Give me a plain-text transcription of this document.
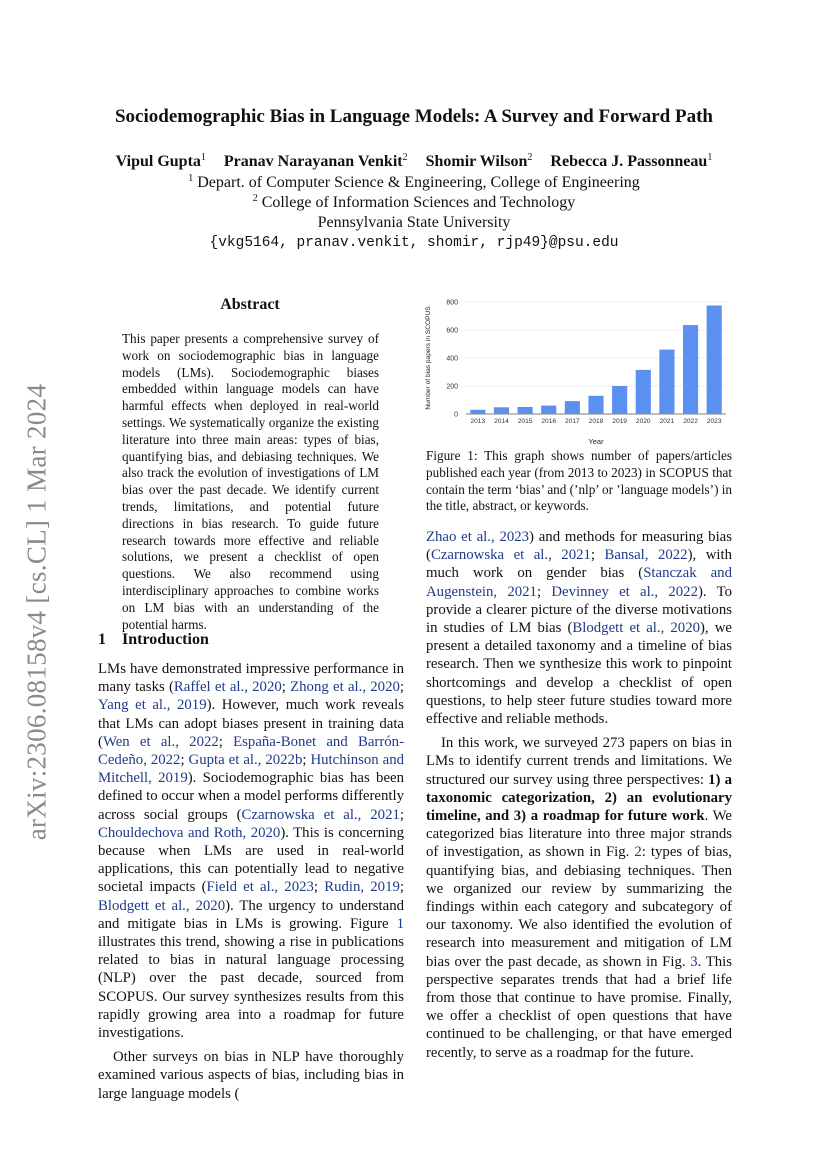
arXiv:2306.08158v4 [cs.CL] 1 Mar 2024
Sociodemographic Bias in Language Models: A Survey and Forward Path
Vipul Gupta$^1$ Pranav Narayanan Venkit$^2$ Shomir Wilson$^2$ Rebecca J. Passonneau$^1$
$^1$ Depart. of Computer Science & Engineering, College of Engineering
$^2$ College of Information Sciences and Technology
Pennsylvania State University
{vkg5164, pranav.venkit, shomir, rjp49}@psu.edu
Abstract
This paper presents a comprehensive survey of work on sociodemographic bias in language models (LMs). Sociodemographic biases embedded within language models can have harmful effects when deployed in real-world settings. We systematically organize the existing literature into three main areas: types of bias, quantifying bias, and debiasing techniques. We also track the evolution of investigations of LM bias over the past decade. We identify current trends, limitations, and potential future directions in bias research. To guide future research towards more effective and reliable solutions, we present a checklist of open questions. We also recommend using interdisciplinary approaches to combine works on LM bias with an understanding of the potential harms.
1 Introduction

LMs have demonstrated impressive performance in many tasks (Raffel et al., 2020; Zhong et al., 2020; Yang et al., 2019). However, much work reveals that LMs can adopt biases present in training data (Wen et al., 2022; España-Bonet and Barrón-Cedeño, 2022; Gupta et al., 2022b; Hutchinson and Mitchell, 2019). Sociodemographic bias has been defined to occur when a model performs differently across social groups (Czarnowska et al., 2021; Chouldechova and Roth, 2020). This is concerning because when LMs are used in real-world applications, this can potentially lead to negative societal impacts (Field et al., 2023; Rudin, 2019; Blodgett et al., 2020). The urgency to understand and mitigate bias in LMs is growing. Figure 1 illustrates this trend, showing a rise in publications related to bias in natural language processing (NLP) over the past decade, sourced from SCOPUS. Our survey synthesizes results from this rapidly growing area into a roadmap for future investigations.

Other surveys on bias in NLP have thoroughly examined various aspects of bias, including bias in large language models (

0
200
400
600
800
2013 2014 2015 2016 2017 2018 2019 2020 2021 2022 2023
Year
Number of bias papers in SCOPUS
Figure 1: This graph shows number of papers/articles published each year (from 2013 to 2023) in SCOPUS that contain the term ‘bias’ and (’nlp’ or ’language models’) in the title, abstract, or keywords.

Zhao et al., 2023) and methods for measuring bias (Czarnowska et al., 2021; Bansal, 2022), with much work on gender bias (Stanczak and Augenstein, 2021; Devinney et al., 2022). To provide a clearer picture of the diverse motivations in studies of LM bias (Blodgett et al., 2020), we present a detailed taxonomy and a timeline of bias research. Then we synthesize this work to pinpoint shortcomings and develop a checklist of open questions, to help steer future studies toward more effective and reliable methods.

In this work, we surveyed 273 papers on bias in LMs to identify current trends and limitations. We structured our survey using three perspectives: 1) a taxonomic categorization, 2) an evolutionary timeline, and 3) a roadmap for future work. We categorized bias literature into three major strands of investigation, as shown in Fig. 2: types of bias, quantifying bias, and debiasing techniques. Then we organized our review by summarizing the findings within each category and subcategory of our taxonomy. We also identified the evolution of research into measurement and mitigation of LM bias over the past decade, as shown in Fig. 3. This perspective separates trends that had a brief life from those that continue to have promise. Finally, we offer a checklist of open questions that have continued to be challenging, or that have emerged recently, to serve as a roadmap for the future.
